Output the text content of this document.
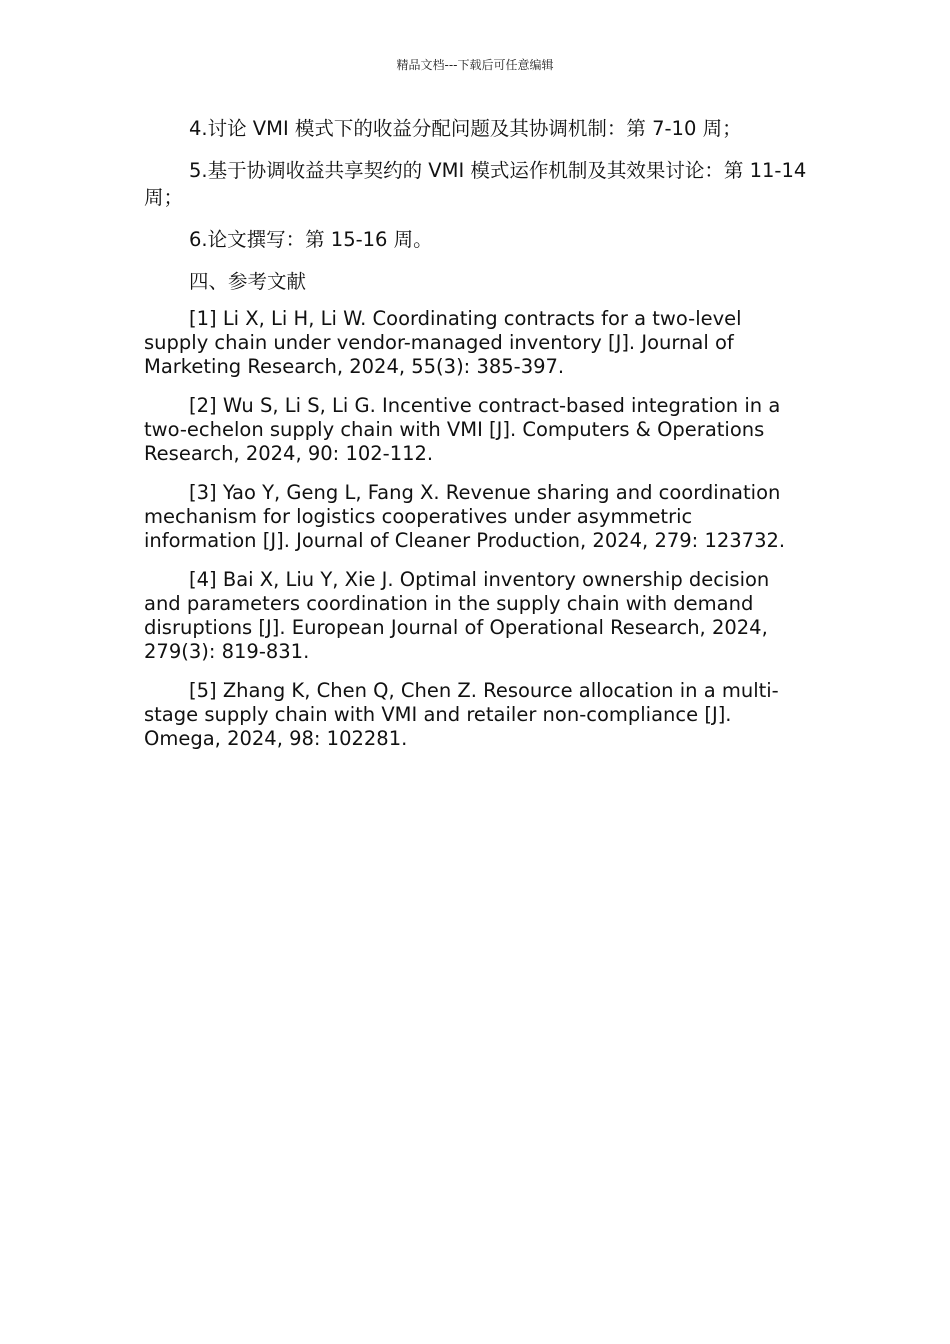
精品文档---下载后可任意编辑

4.讨论 VMI 模式下的收益分配问题及其协调机制：第 7-10 周；

5.基于协调收益共享契约的 VMI 模式运作机制及其效果讨论：第 11-14 周；

6.论文撰写：第 15-16 周。

四、参考文献

[1] Li X, Li H, Li W. Coordinating contracts for a two-level supply chain under vendor-managed inventory [J]. Journal of Marketing Research, 2024, 55(3): 385-397.

[2] Wu S, Li S, Li G. Incentive contract-based integration in a two-echelon supply chain with VMI [J]. Computers & Operations Research, 2024, 90: 102-112.

[3] Yao Y, Geng L, Fang X. Revenue sharing and coordination mechanism for logistics cooperatives under asymmetric information [J]. Journal of Cleaner Production, 2024, 279: 123732.

[4] Bai X, Liu Y, Xie J. Optimal inventory ownership decision and parameters coordination in the supply chain with demand disruptions [J]. European Journal of Operational Research, 2024, 279(3): 819-831.

[5] Zhang K, Chen Q, Chen Z. Resource allocation in a multi-stage supply chain with VMI and retailer non-compliance [J]. Omega, 2024, 98: 102281.
